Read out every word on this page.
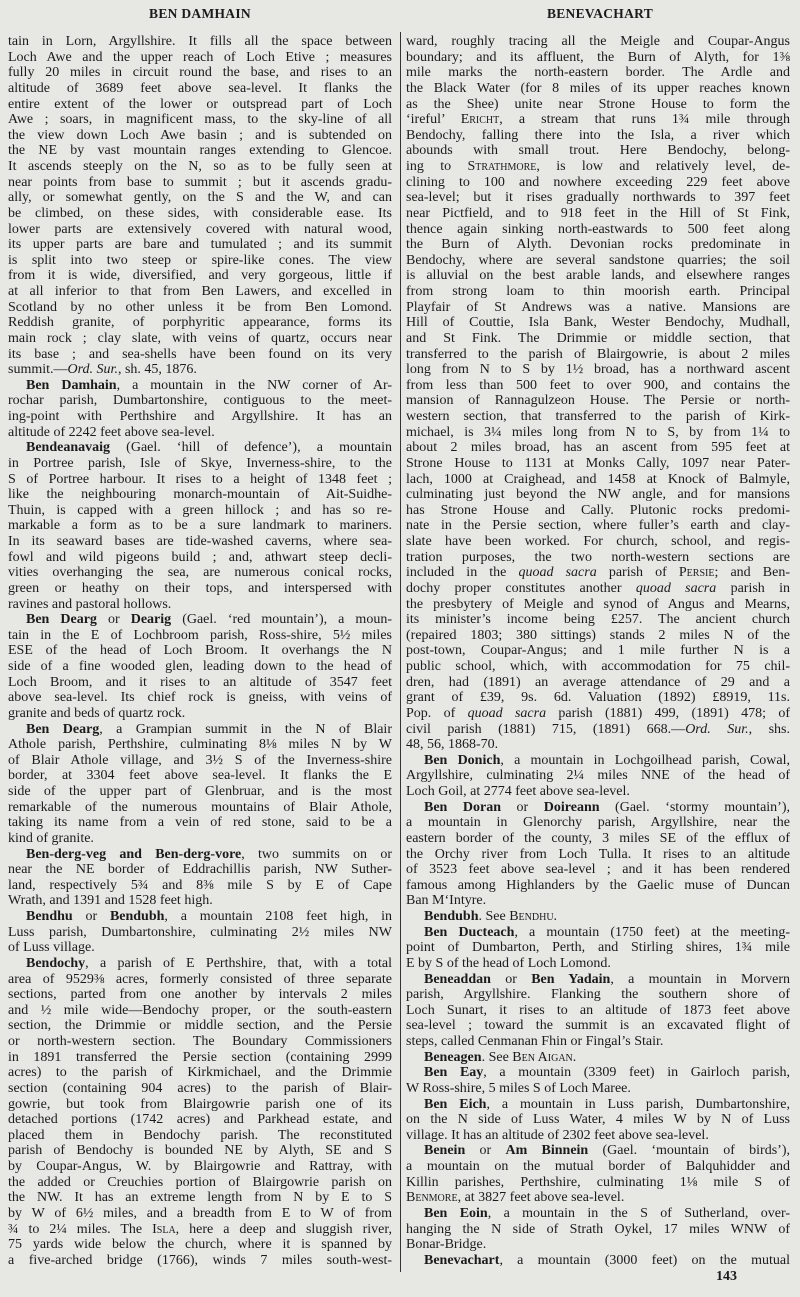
BEN DAMHAIN	BENEVACHART
tain in Lorn, Argyllshire. It fills all the space between
Loch Awe and the upper reach of Loch Etive ; measures
fully 20 miles in circuit round the base, and rises to an
altitude of 3689 feet above sea-level. It flanks the
entire extent of the lower or outspread part of Loch
Awe ; soars, in magnificent mass, to the sky-line of all
the view down Loch Awe basin ; and is subtended on
the NE by vast mountain ranges extending to Glencoe.
It ascends steeply on the N, so as to be fully seen at
near points from base to summit ; but it ascends gradu-
ally, or somewhat gently, on the S and the W, and can
be climbed, on these sides, with considerable ease. Its
lower parts are extensively covered with natural wood,
its upper parts are bare and tumulated ; and its summit
is split into two steep or spire-like cones. The view
from it is wide, diversified, and very gorgeous, little if
at all inferior to that from Ben Lawers, and excelled in
Scotland by no other unless it be from Ben Lomond.
Reddish granite, of porphyritic appearance, forms its
main rock ; clay slate, with veins of quartz, occurs near
its base ; and sea-shells have been found on its very
summit.—Ord. Sur., sh. 45, 1876.
Ben Damhain, a mountain in the NW corner of Ar-
rochar parish, Dumbartonshire, contiguous to the meet-
ing-point with Perthshire and Argyllshire. It has an
altitude of 2242 feet above sea-level.
Bendeanavaig (Gael. ‘hill of defence’), a mountain
in Portree parish, Isle of Skye, Inverness-shire, to the
S of Portree harbour. It rises to a height of 1348 feet ;
like the neighbouring monarch-mountain of Ait-Suidhe-
Thuin, is capped with a green hillock ; and has so re-
markable a form as to be a sure landmark to mariners.
In its seaward bases are tide-washed caverns, where sea-
fowl and wild pigeons build ; and, athwart steep decli-
vities overhanging the sea, are numerous conical rocks,
green or heathy on their tops, and interspersed with
ravines and pastoral hollows.
Ben Dearg or Dearig (Gael. ‘red mountain’), a moun-
tain in the E of Lochbroom parish, Ross-shire, 5½ miles
ESE of the head of Loch Broom. It overhangs the N
side of a fine wooded glen, leading down to the head of
Loch Broom, and it rises to an altitude of 3547 feet
above sea-level. Its chief rock is gneiss, with veins of
granite and beds of quartz rock.
Ben Dearg, a Grampian summit in the N of Blair
Athole parish, Perthshire, culminating 8⅛ miles N by W
of Blair Athole village, and 3½ S of the Inverness-shire
border, at 3304 feet above sea-level. It flanks the E
side of the upper part of Glenbruar, and is the most
remarkable of the numerous mountains of Blair Athole,
taking its name from a vein of red stone, said to be a
kind of granite.
Ben-derg-veg and Ben-derg-vore, two summits on or
near the NE border of Eddrachillis parish, NW Suther-
land, respectively 5¾ and 8⅜ mile S by E of Cape
Wrath, and 1391 and 1528 feet high.
Bendhu or Bendubh, a mountain 2108 feet high, in
Luss parish, Dumbartonshire, culminating 2½ miles NW
of Luss village.
Bendochy, a parish of E Perthshire, that, with a total
area of 9529⅜ acres, formerly consisted of three separate
sections, parted from one another by intervals 2 miles
and ½ mile wide—Bendochy proper, or the south-eastern
section, the Drimmie or middle section, and the Persie
or north-western section. The Boundary Commissioners
in 1891 transferred the Persie section (containing 2999
acres) to the parish of Kirkmichael, and the Drimmie
section (containing 904 acres) to the parish of Blair-
gowrie, but took from Blairgowrie parish one of its
detached portions (1742 acres) and Parkhead estate, and
placed them in Bendochy parish. The reconstituted
parish of Bendochy is bounded NE by Alyth, SE and S
by Coupar-Angus, W. by Blairgowrie and Rattray, with
the added or Creuchies portion of Blairgowrie parish on
the NW. It has an extreme length from N by E to S
by W of 6½ miles, and a breadth from E to W of from
¾ to 2¼ miles. The Isla, here a deep and sluggish river,
75 yards wide below the church, where it is spanned by
a five-arched bridge (1766), winds 7 miles south-west-
ward, roughly tracing all the Meigle and Coupar-Angus
boundary; and its affluent, the Burn of Alyth, for 1⅜
mile marks the north-eastern border. The Ardle and
the Black Water (for 8 miles of its upper reaches known
as the Shee) unite near Strone House to form the
‘ireful’ Ericht, a stream that runs 1¾ mile through
Bendochy, falling there into the Isla, a river which
abounds with small trout. Here Bendochy, belong-
ing to Strathmore, is low and relatively level, de-
clining to 100 and nowhere exceeding 229 feet above
sea-level; but it rises gradually northwards to 397 feet
near Pictfield, and to 918 feet in the Hill of St Fink,
thence again sinking north-eastwards to 500 feet along
the Burn of Alyth. Devonian rocks predominate in
Bendochy, where are several sandstone quarries; the soil
is alluvial on the best arable lands, and elsewhere ranges
from strong loam to thin moorish earth. Principal
Playfair of St Andrews was a native. Mansions are
Hill of Couttie, Isla Bank, Wester Bendochy, Mudhall,
and St Fink. The Drimmie or middle section, that
transferred to the parish of Blairgowrie, is about 2 miles
long from N to S by 1½ broad, has a northward ascent
from less than 500 feet to over 900, and contains the
mansion of Rannagulzeon House. The Persie or north-
western section, that transferred to the parish of Kirk-
michael, is 3¼ miles long from N to S, by from 1¼ to
about 2 miles broad, has an ascent from 595 feet at
Strone House to 1131 at Monks Cally, 1097 near Pater-
lach, 1000 at Craighead, and 1458 at Knock of Balmyle,
culminating just beyond the NW angle, and for mansions
has Strone House and Cally. Plutonic rocks predomi-
nate in the Persie section, where fuller’s earth and clay-
slate have been worked. For church, school, and regis-
tration purposes, the two north-western sections are
included in the quoad sacra parish of Persie; and Ben-
dochy proper constitutes another quoad sacra parish in
the presbytery of Meigle and synod of Angus and Mearns,
its minister’s income being £257. The ancient church
(repaired 1803; 380 sittings) stands 2 miles N of the
post-town, Coupar-Angus; and 1 mile further N is a
public school, which, with accommodation for 75 chil-
dren, had (1891) an average attendance of 29 and a
grant of £39, 9s. 6d. Valuation (1892) £8919, 11s.
Pop. of quoad sacra parish (1881) 499, (1891) 478; of
civil parish (1881) 715, (1891) 668.—Ord. Sur., shs.
48, 56, 1868-70.
Ben Donich, a mountain in Lochgoilhead parish, Cowal,
Argyllshire, culminating 2¼ miles NNE of the head of
Loch Goil, at 2774 feet above sea-level.
Ben Doran or Doireann (Gael. ‘stormy mountain’),
a mountain in Glenorchy parish, Argyllshire, near the
eastern border of the county, 3 miles SE of the efflux of
the Orchy river from Loch Tulla. It rises to an altitude
of 3523 feet above sea-level ; and it has been rendered
famous among Highlanders by the Gaelic muse of Duncan
Ban M‘Intyre.
Bendubh. See Bendhu.
Ben Ducteach, a mountain (1750 feet) at the meeting-
point of Dumbarton, Perth, and Stirling shires, 1¾ mile
E by S of the head of Loch Lomond.
Beneaddan or Ben Yadain, a mountain in Morvern
parish, Argyllshire. Flanking the southern shore of
Loch Sunart, it rises to an altitude of 1873 feet above
sea-level ; toward the summit is an excavated flight of
steps, called Cenmanan Fhin or Fingal’s Stair.
Beneagen. See Ben Aigan.
Ben Eay, a mountain (3309 feet) in Gairloch parish,
W Ross-shire, 5 miles S of Loch Maree.
Ben Eich, a mountain in Luss parish, Dumbartonshire,
on the N side of Luss Water, 4 miles W by N of Luss
village. It has an altitude of 2302 feet above sea-level.
Benein or Am Binnein (Gael. ‘mountain of birds’),
a mountain on the mutual border of Balquhidder and
Killin parishes, Perthshire, culminating 1⅛ mile S of
Benmore, at 3827 feet above sea-level.
Ben Eoin, a mountain in the S of Sutherland, over-
hanging the N side of Strath Oykel, 17 miles WNW of
Bonar-Bridge.
Benevachart, a mountain (3000 feet) on the mutual
143
